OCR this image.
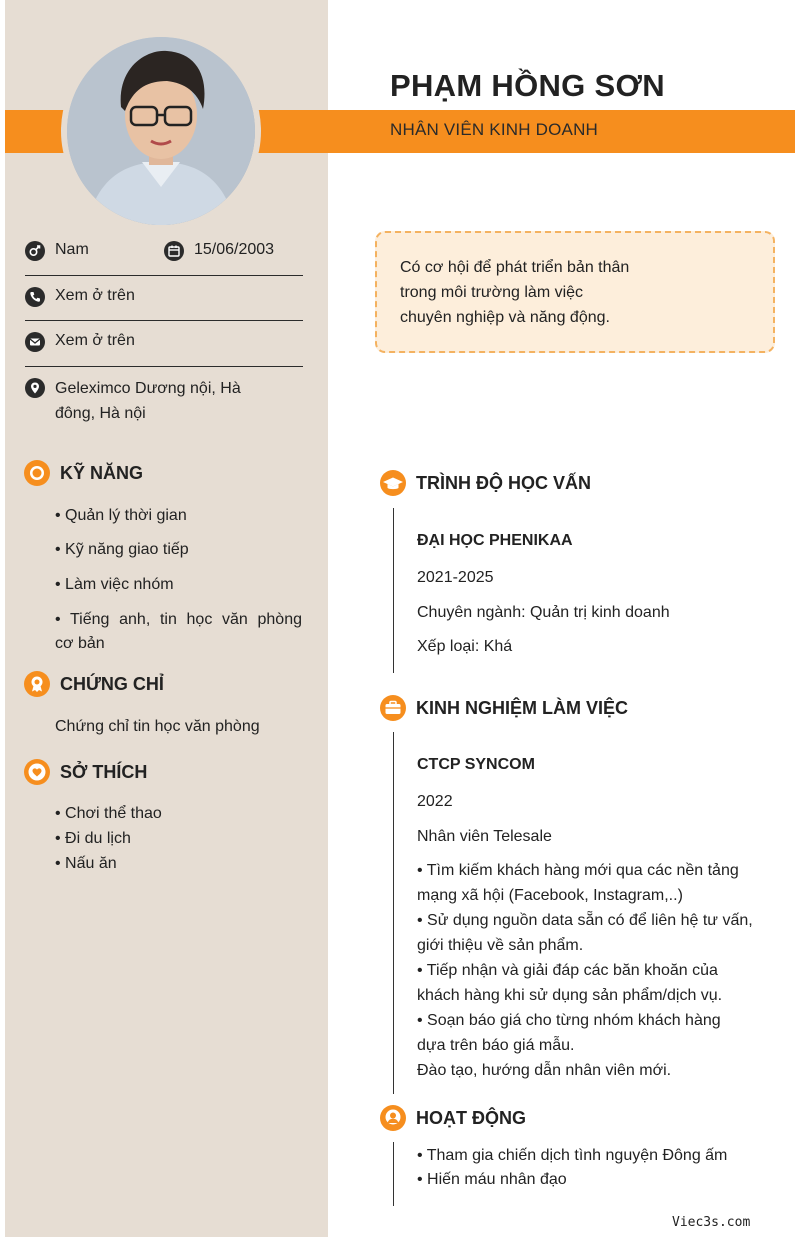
PHẠM HỒNG SƠN
NHÂN VIÊN KINH DOANH
Nam	15/06/2003
Xem ở trên
Xem ở trên
Geleximco Dương nội, Hà
đông, Hà nội
KỸ NĂNG
• Quản lý thời gian
• Kỹ năng giao tiếp
• Làm việc nhóm
• Tiếng anh, tin học văn phòng
cơ bản
CHỨNG CHỈ
Chứng chỉ tin học văn phòng
SỞ THÍCH
• Chơi thể thao
• Đi du lịch
• Nấu ăn
Có cơ hội để phát triển bản thân
trong môi trường làm việc
chuyên nghiệp và năng động.
TRÌNH ĐỘ HỌC VẤN
ĐẠI HỌC PHENIKAA
2021-2025
Chuyên ngành: Quản trị kinh doanh
Xếp loại: Khá
KINH NGHIỆM LÀM VIỆC
CTCP SYNCOM
2022
Nhân viên Telesale
• Tìm kiếm khách hàng mới qua các nền tảng
mạng xã hội (Facebook, Instagram,..)
• Sử dụng nguồn data sẵn có để liên hệ tư vấn,
giới thiệu về sản phẩm.
• Tiếp nhận và giải đáp các băn khoăn của
khách hàng khi sử dụng sản phẩm/dịch vụ.
• Soạn báo giá cho từng nhóm khách hàng
dựa trên báo giá mẫu.
Đào tạo, hướng dẫn nhân viên mới.
HOẠT ĐỘNG
• Tham gia chiến dịch tình nguyện Đông ấm
• Hiến máu nhân đạo
Viec3s.com
